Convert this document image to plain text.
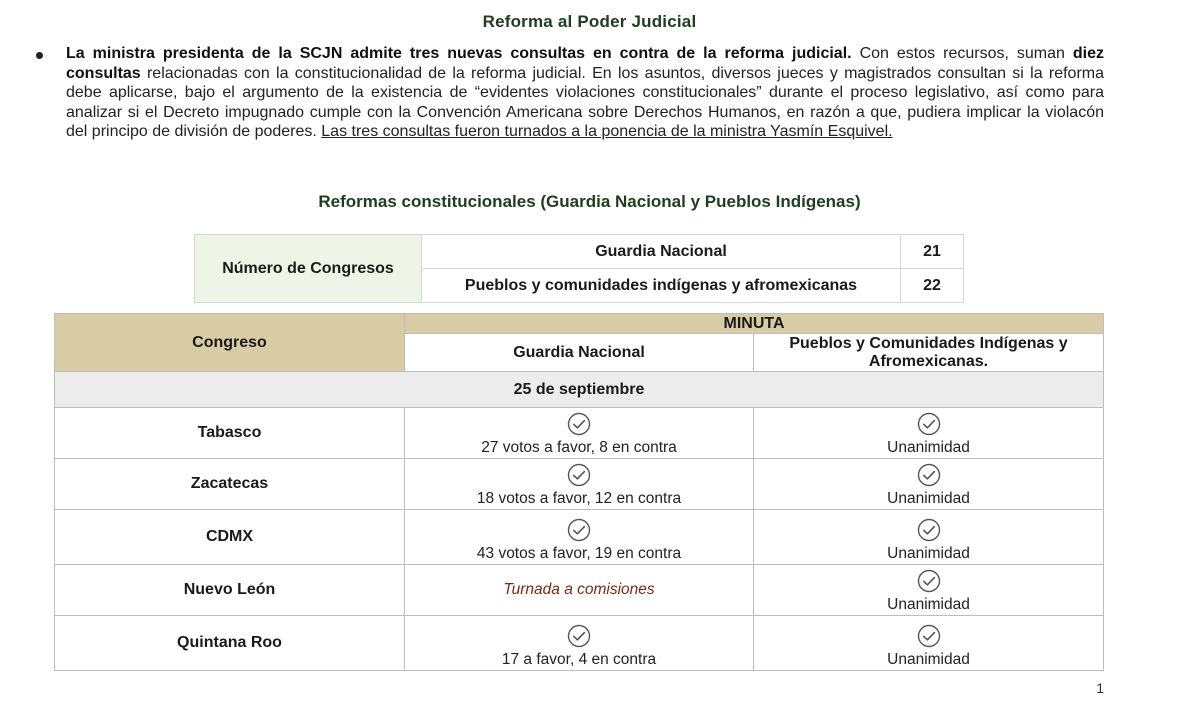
Reforma al Poder Judicial
La ministra presidenta de la SCJN admite tres nuevas consultas en contra de la reforma judicial. Con estos recursos, suman diez consultas relacionadas con la constitucionalidad de la reforma judicial. En los asuntos, diversos jueces y magistrados consultan si la reforma debe aplicarse, bajo el argumento de la existencia de “evidentes violaciones constitucionales” durante el proceso legislativo, así como para analizar si el Decreto impugnado cumple con la Convención Americana sobre Derechos Humanos, en razón a que, pudiera implicar la violacón del principo de división de poderes. Las tres consultas fueron turnados a la ponencia de la ministra Yasmín Esquivel.
Reformas constitucionales (Guardia Nacional y Pueblos Indígenas)
Número de Congresos	Guardia Nacional	21
	Pueblos y comunidades indígenas y afromexicanas	22
Congreso	MINUTA	
	Guardia Nacional	Pueblos y Comunidades Indígenas y Afromexicanas.
25 de septiembre		
Tabasco	27 votos a favor, 8 en contra	Unanimidad

Zacatecas	18 votos a favor, 12 en contra	Unanimidad

CDMX	43 votos a favor, 19 en contra	Unanimidad

Nuevo León	Turnada a comisiones	Unanimidad

Quintana Roo	17 a favor, 4 en contra	Unanimidad
1
